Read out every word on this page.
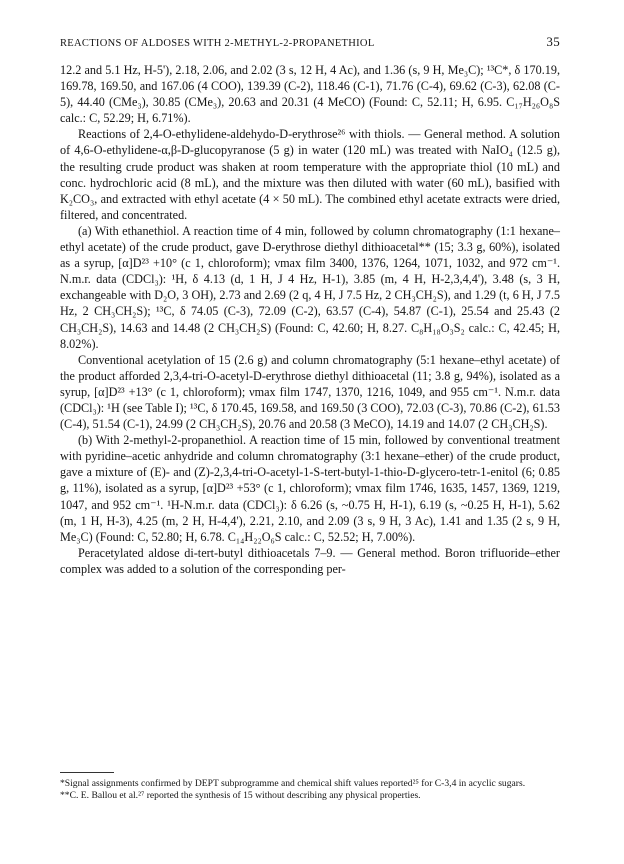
REACTIONS OF ALDOSES WITH 2-METHYL-2-PROPANETHIOL	35

12.2 and 5.1 Hz, H-5'), 2.18, 2.06, and 2.02 (3 s, 12 H, 4 Ac), and 1.36 (s, 9 H, Me₃C); ¹³C*, δ 170.19, 169.78, 169.50, and 167.06 (4 COO), 139.39 (C-2), 118.46 (C-1), 71.76 (C-4), 69.62 (C-3), 62.08 (C-5), 44.40 (CMe₃), 30.85 (CMe₃), 20.63 and 20.31 (4 MeCO) (Found: C, 52.11; H, 6.95. C₁₇H₂₆O₈S calc.: C, 52.29; H, 6.71%).

Reactions of 2,4-O-ethylidene-aldehydo-D-erythrose²⁶ with thiols. — General method. A solution of 4,6-O-ethylidene-α,β-D-glucopyranose (5 g) in water (120 mL) was treated with NaIO₄ (12.5 g), the resulting crude product was shaken at room temperature with the appropriate thiol (10 mL) and conc. hydrochloric acid (8 mL), and the mixture was then diluted with water (60 mL), basified with K₂CO₃, and extracted with ethyl acetate (4 × 50 mL). The combined ethyl acetate extracts were dried, filtered, and concentrated.

(a) With ethanethiol. A reaction time of 4 min, followed by column chromatography (1:1 hexane–ethyl acetate) of the crude product, gave D-erythrose diethyl dithioacetal** (15; 3.3 g, 60%), isolated as a syrup, [α]D²³ +10° (c 1, chloroform); νmax film 3400, 1376, 1264, 1071, 1032, and 972 cm⁻¹. N.m.r. data (CDCl₃): ¹H, δ 4.13 (d, 1 H, J 4 Hz, H-1), 3.85 (m, 4 H, H-2,3,4,4'), 3.48 (s, 3 H, exchangeable with D₂O, 3 OH), 2.73 and 2.69 (2 q, 4 H, J 7.5 Hz, 2 CH₃CH₂S), and 1.29 (t, 6 H, J 7.5 Hz, 2 CH₃CH₂S); ¹³C, δ 74.05 (C-3), 72.09 (C-2), 63.57 (C-4), 54.87 (C-1), 25.54 and 25.43 (2 CH₃CH₂S), 14.63 and 14.48 (2 CH₃CH₂S) (Found: C, 42.60; H, 8.27. C₈H₁₈O₃S₂ calc.: C, 42.45; H, 8.02%).

Conventional acetylation of 15 (2.6 g) and column chromatography (5:1 hexane–ethyl acetate) of the product afforded 2,3,4-tri-O-acetyl-D-erythrose diethyl dithioacetal (11; 3.8 g, 94%), isolated as a syrup, [α]D²³ +13° (c 1, chloroform); νmax film 1747, 1370, 1216, 1049, and 955 cm⁻¹. N.m.r. data (CDCl₃): ¹H (see Table I); ¹³C, δ 170.45, 169.58, and 169.50 (3 COO), 72.03 (C-3), 70.86 (C-2), 61.53 (C-4), 51.54 (C-1), 24.99 (2 CH₃CH₂S), 20.76 and 20.58 (3 MeCO), 14.19 and 14.07 (2 CH₃CH₂S).

(b) With 2-methyl-2-propanethiol. A reaction time of 15 min, followed by conventional treatment with pyridine–acetic anhydride and column chromatography (3:1 hexane–ether) of the crude product, gave a mixture of (E)- and (Z)-2,3,4-tri-O-acetyl-1-S-tert-butyl-1-thio-D-glycero-tetr-1-enitol (6; 0.85 g, 11%), isolated as a syrup, [α]D²³ +53° (c 1, chloroform); νmax film 1746, 1635, 1457, 1369, 1219, 1047, and 952 cm⁻¹. ¹H-N.m.r. data (CDCl₃): δ 6.26 (s, ~0.75 H, H-1), 6.19 (s, ~0.25 H, H-1), 5.62 (m, 1 H, H-3), 4.25 (m, 2 H, H-4,4'), 2.21, 2.10, and 2.09 (3 s, 9 H, 3 Ac), 1.41 and 1.35 (2 s, 9 H, Me₃C) (Found: C, 52.80; H, 6.78. C₁₄H₂₂O₆S calc.: C, 52.52; H, 7.00%).

Peracetylated aldose di-tert-butyl dithioacetals 7–9. — General method. Boron trifluoride–ether complex was added to a solution of the corresponding per-

*Signal assignments confirmed by DEPT subprogramme and chemical shift values reported²⁵ for C-3,4 in acyclic sugars.

**C. E. Ballou et al.²⁷ reported the synthesis of 15 without describing any physical properties.
